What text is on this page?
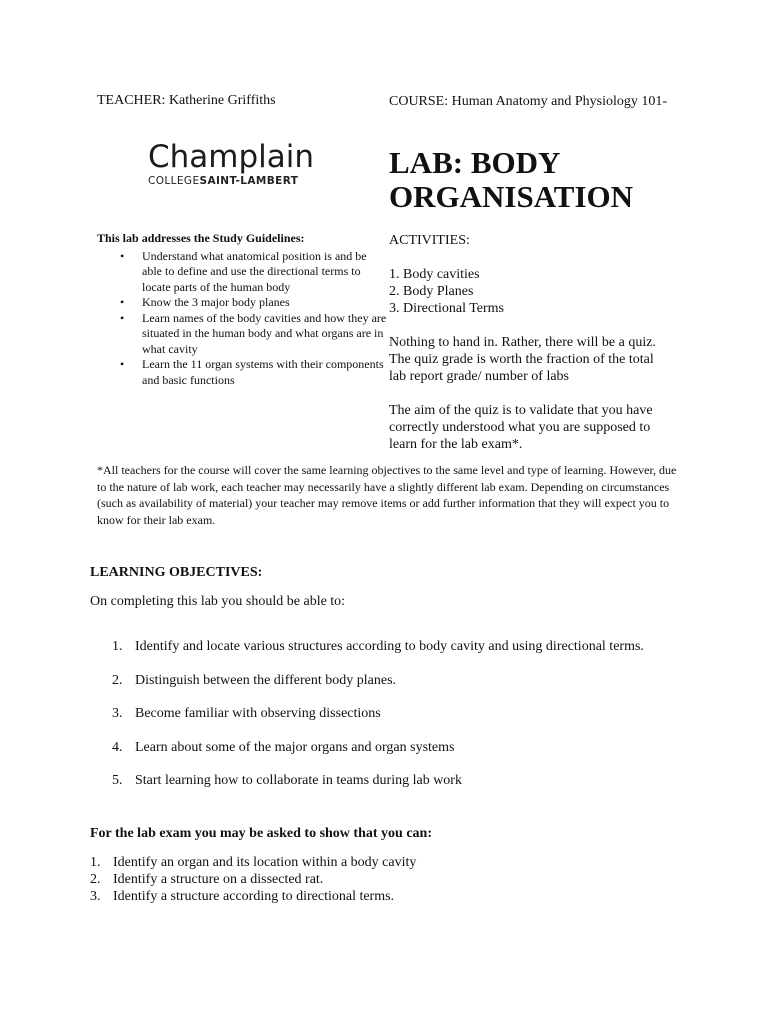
TEACHER: Katherine Griffiths	COURSE: Human Anatomy and Physiology 101-
Champlain
COLLEGESAINT-LAMBERT
LAB: BODY ORGANISATION

This lab addresses the Study Guidelines:

• Understand what anatomical position is and be able to define and use the directional terms to locate parts of the human body
• Know the 3 major body planes
• Learn names of the body cavities and how they are situated in the human body and what organs are in what cavity
• Learn the 11 organ systems with their components and basic functions

ACTIVITIES:

1. Body cavities

2. Body Planes

3. Directional Terms

Nothing to hand in. Rather, there will be a quiz. The quiz grade is worth the fraction of the total lab report grade/ number of labs

The aim of the quiz is to validate that you have correctly understood what you are supposed to learn for the lab exam*.

*All teachers for the course will cover the same learning objectives to the same level and type of learning. However, due to the nature of lab work, each teacher may necessarily have a slightly different lab exam. Depending on circumstances (such as availability of material) your teacher may remove items or add further information that they will expect you to know for their lab exam.
LEARNING OBJECTIVES:
On completing this lab you should be able to:
1. Identify and locate various structures according to body cavity and using directional terms.
2. Distinguish between the different body planes.
3. Become familiar with observing dissections
4. Learn about some of the major organs and organ systems
5. Start learning how to collaborate in teams during lab work
For the lab exam you may be asked to show that you can:
1. Identify an organ and its location within a body cavity
2. Identify a structure on a dissected rat.
3. Identify a structure according to directional terms.
